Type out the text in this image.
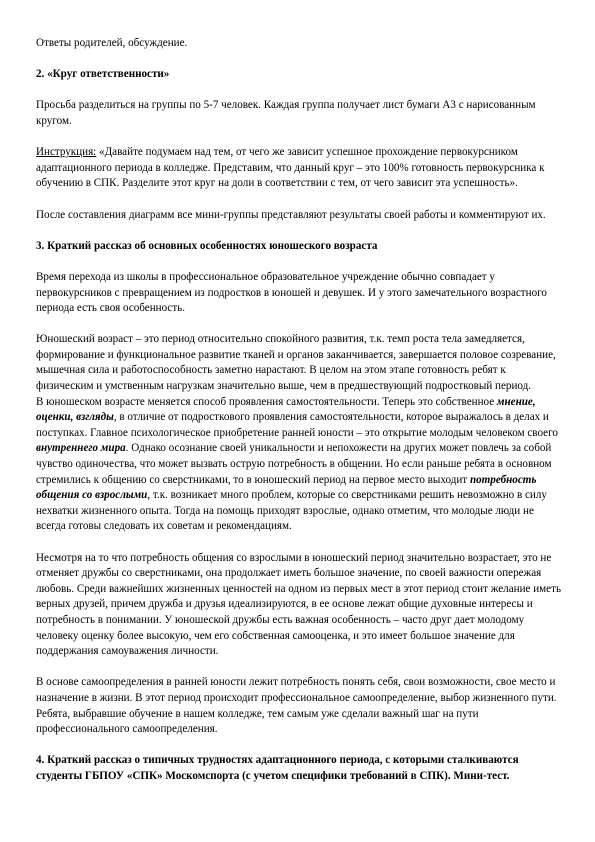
Ответы родителей, обсуждение.

2. «Круг ответственности»

Просьба разделиться на группы по 5-7 человек. Каждая группа получает лист бумаги А3 с нарисованным кругом.

Инструкция: «Давайте подумаем над тем, от чего же зависит успешное прохождение первокурсником адаптационного периода в колледже. Представим, что данный круг – это 100% готовность первокурсника к обучению в СПК. Разделите этот круг на доли в соответствии с тем, от чего зависит эта успешность».

После составления диаграмм все мини-группы представляют результаты своей работы и комментируют их.

3. Краткий рассказ об основных особенностях юношеского возраста

Время перехода из школы в профессиональное образовательное учреждение обычно совпадает у первокурсников с превращением из подростков в юношей и девушек. И у этого замечательного возрастного периода есть своя особенность.

Юношеский возраст – это период относительно спокойного развития, т.к. темп роста тела замедляется, формирование и функциональное развитие тканей и органов заканчивается, завершается половое созревание, мышечная сила и работоспособность заметно нарастают. В целом на этом этапе готовность ребят к физическим и умственным нагрузкам значительно выше, чем в предшествующий подростковый период.

В юношеском возрасте меняется способ проявления самостоятельности. Теперь это собственное мнение, оценки, взгляды, в отличие от подросткового проявления самостоятельности, которое выражалось в делах и поступках. Главное психологическое приобретение ранней юности – это открытие молодым человеком своего внутреннего мира. Однако осознание своей уникальности и непохожести на других может повлечь за собой чувство одиночества, что может вызвать острую потребность в общении. Но если раньше ребята в основном стремились к общению со сверстниками, то в юношеский период на первое место выходит потребность общения со взрослыми, т.к. возникает много проблем, которые со сверстниками решить невозможно в силу нехватки жизненного опыта. Тогда на помощь приходят взрослые, однако отметим, что молодые люди не всегда готовы следовать их советам и рекомендациям.

Несмотря на то что потребность общения со взрослыми в юношеский период значительно возрастает, это не отменяет дружбы со сверстниками, она продолжает иметь большое значение, по своей важности опережая любовь. Среди важнейших жизненных ценностей на одном из первых мест в этот период стоит желание иметь верных друзей, причем дружба и друзья идеализируются, в ее основе лежат общие духовные интересы и потребность в понимании. У юношеской дружбы есть важная особенность – часто друг дает молодому человеку оценку более высокую, чем его собственная самооценка, и это имеет большое значение для поддержания самоуважения личности.

В основе самоопределения в ранней юности лежит потребность понять себя, свои возможности, свое место и назначение в жизни. В этот период происходит профессиональное самоопределение, выбор жизненного пути. Ребята, выбравшие обучение в нашем колледже, тем самым уже сделали важный шаг на пути профессионального самоопределения.

4. Краткий рассказ о типичных трудностях адаптационного периода, с которыми сталкиваются студенты ГБПОУ «СПК» Москомспорта (с учетом специфики требований в СПК). Мини-тест.
